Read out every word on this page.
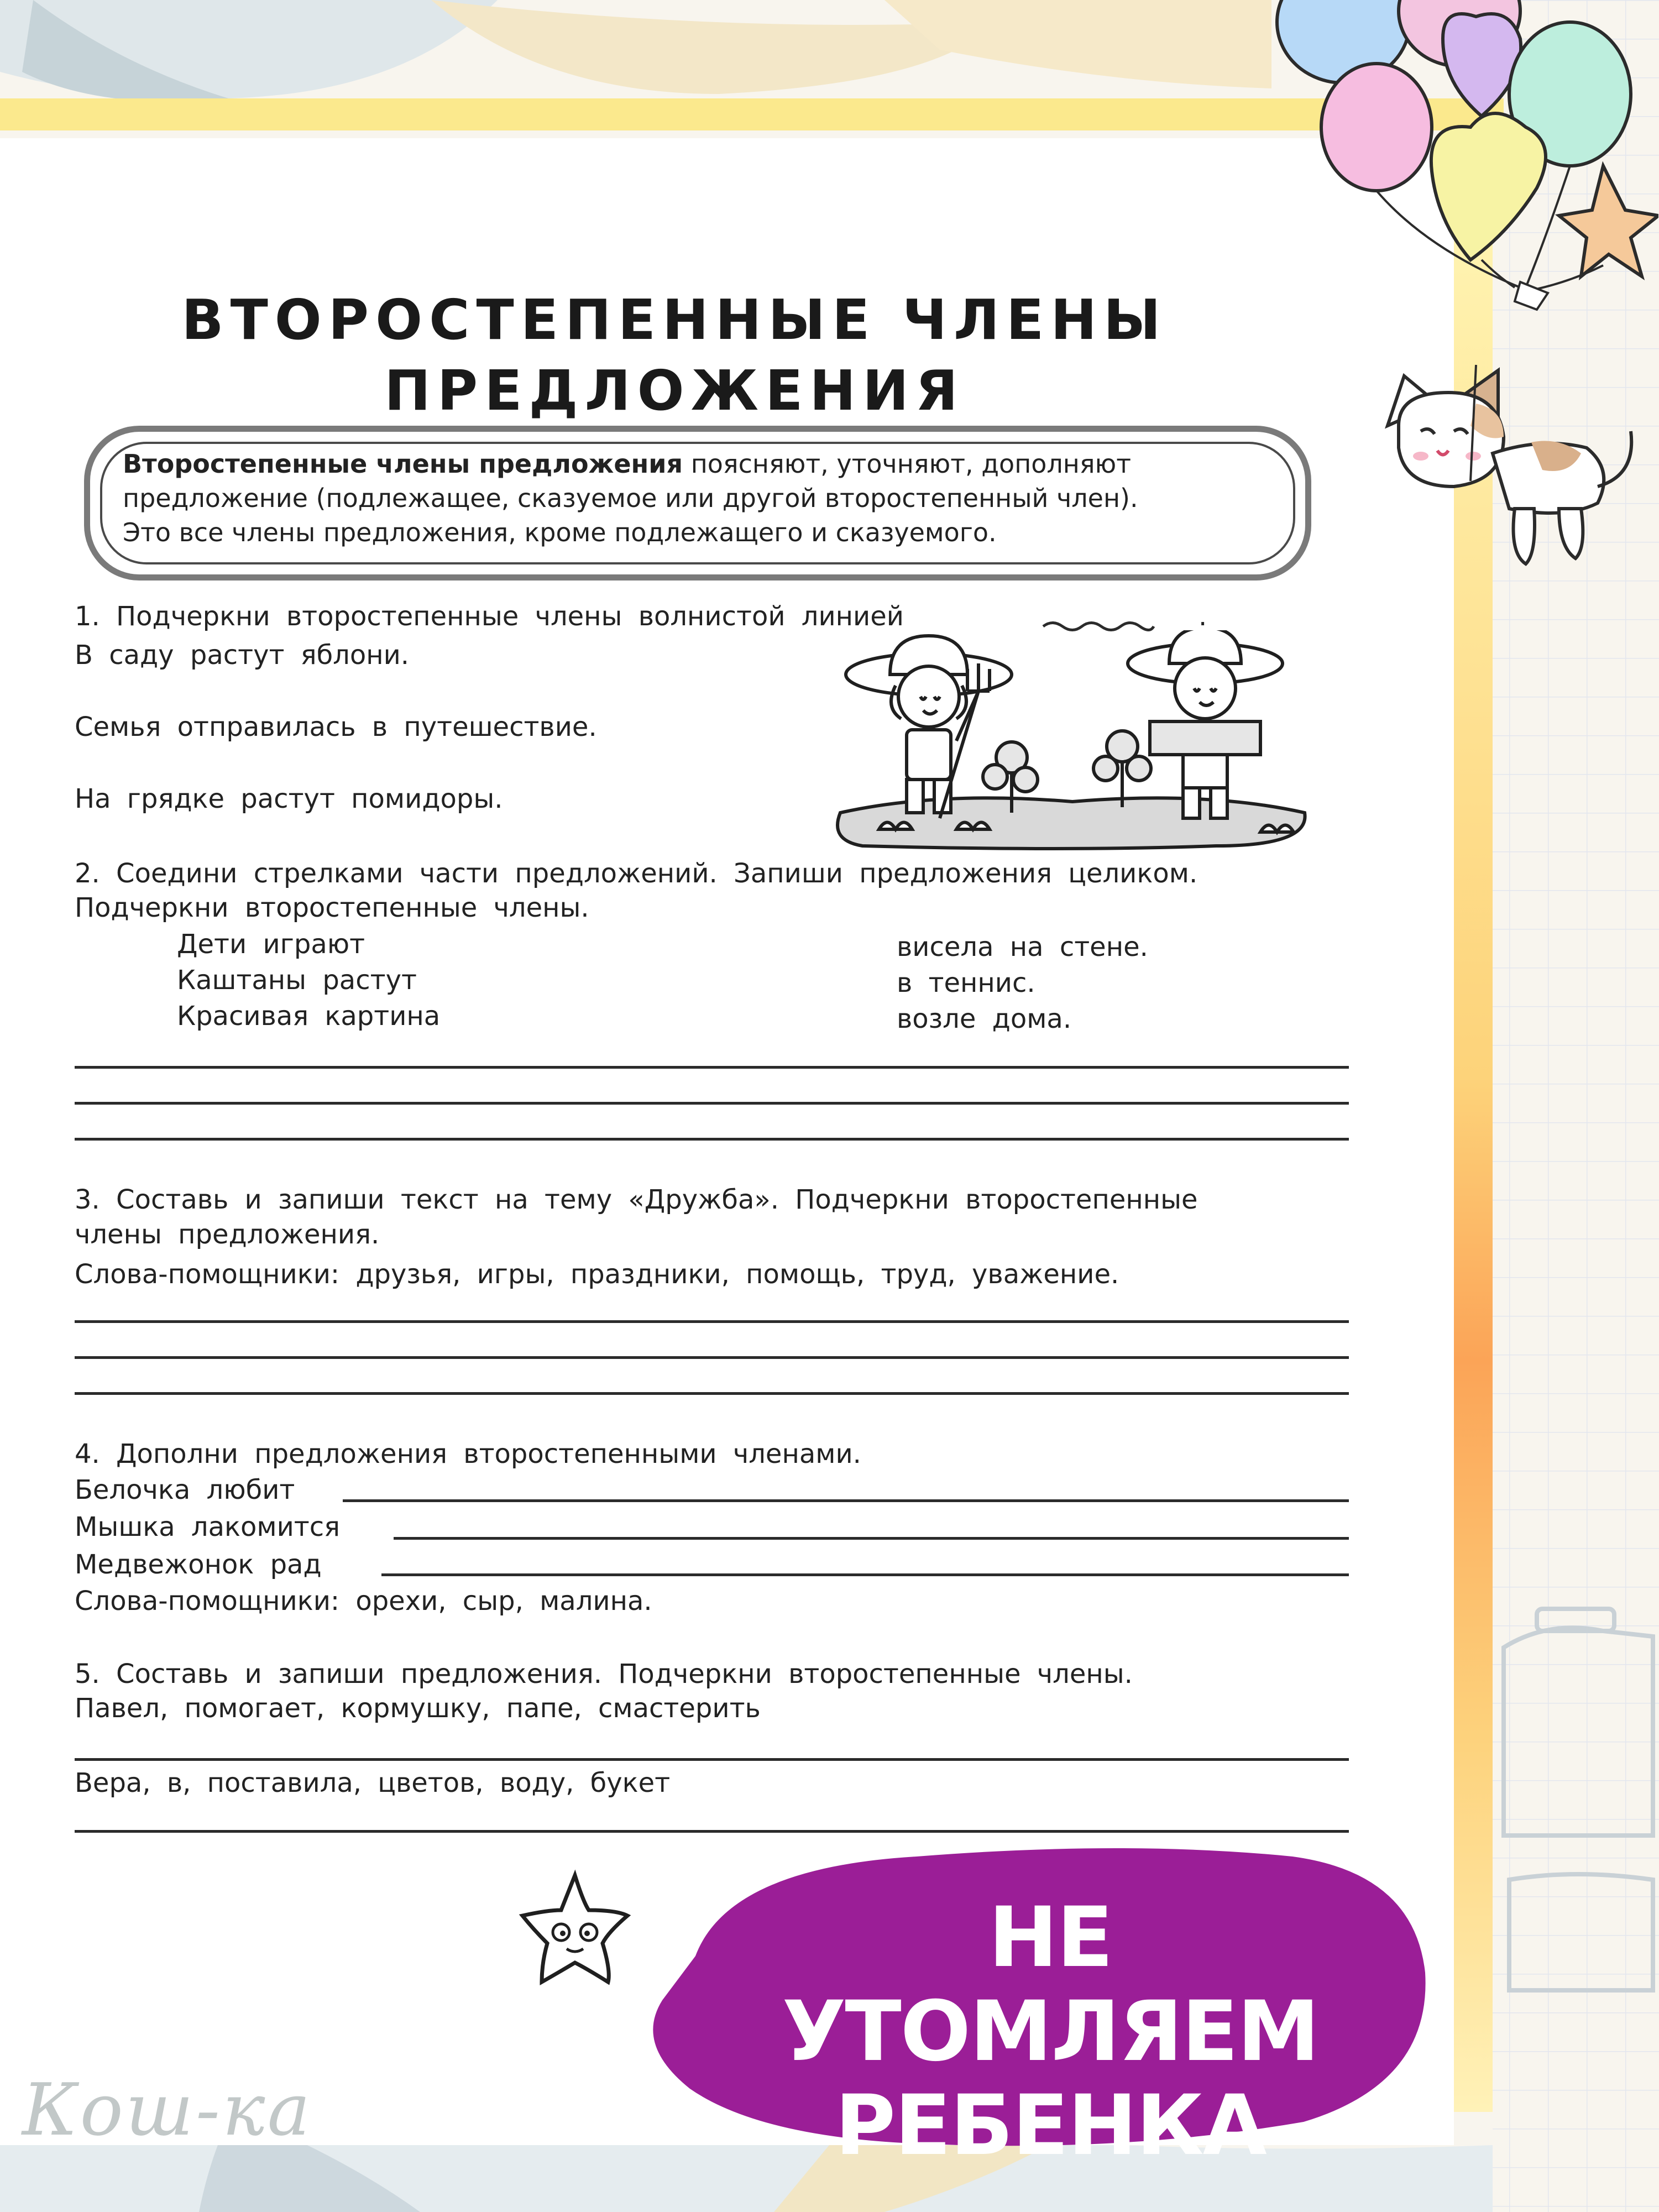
ВТОРОСТЕПЕННЫЕ ЧЛЕНЫ

ПРЕДЛОЖЕНИЯ

Второстепенные члены предложения поясняют, уточняют, дополняют
предложение (подлежащее, сказуемое или другой второстепенный член).
Это все члены предложения, кроме подлежащего и сказуемого.

1. Подчеркни второстепенные члены волнистой линией	.

В саду растут яблони.

Семья отправилась в путешествие.

На грядке растут помидоры.

2. Соедини стрелками части предложений. Запиши предложения целиком.

Подчеркни второстепенные члены.

Дети играют

Каштаны растут

Красивая картина

висела на стене.

в теннис.

возле дома.

3. Составь и запиши текст на тему «Дружба». Подчеркни второстепенные

члены предложения.

Слова-помощники: друзья, игры, праздники, помощь, труд, уважение.

4. Дополни предложения второстепенными членами.

Белочка любит

Мышка лакомится

Медвежонок рад

Слова-помощники: орехи, сыр, малина.

5. Составь и запиши предложения. Подчеркни второстепенные члены.

Павел, помогает, кормушку, папе, смастерить

Вера, в, поставила, цветов, воду, букет

НЕ УТОМЛЯЕМ
РЕБЕНКА

Кош-ка
